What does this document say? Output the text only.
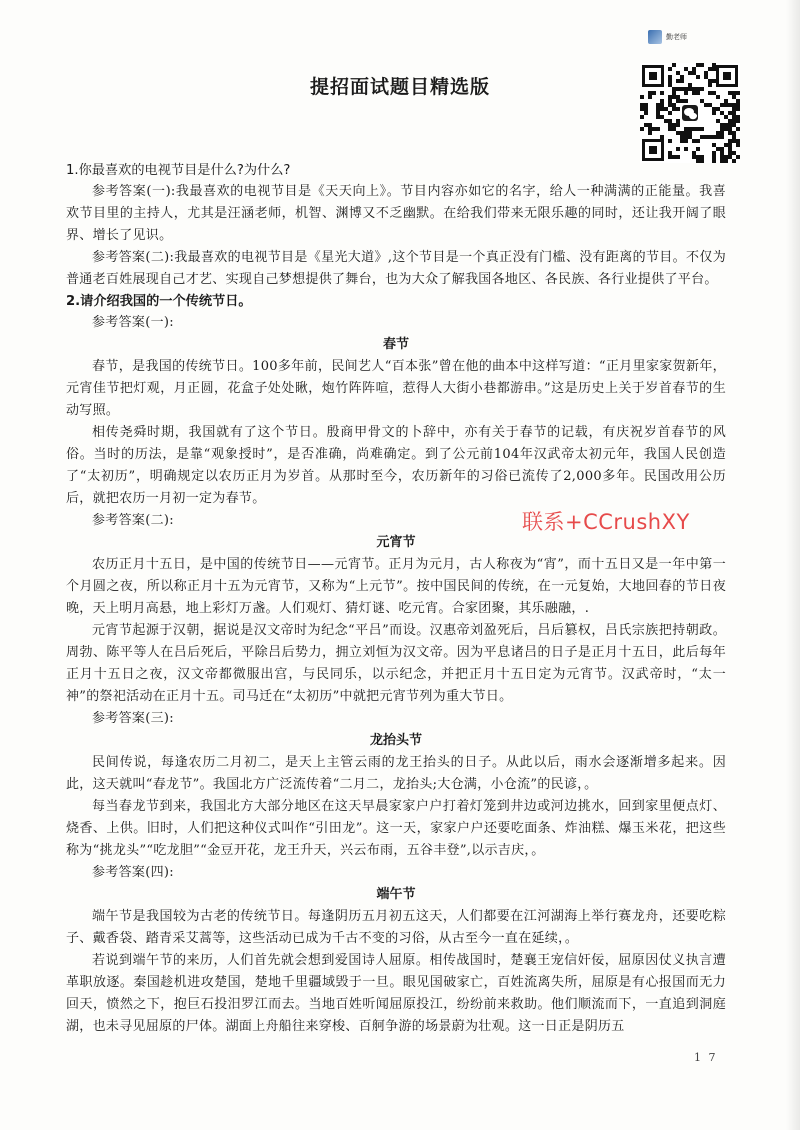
勤老师
提招面试题目精选版

1.你最喜欢的电视节目是什么?为什么?

参考答案(一):我最喜欢的电视节目是《天天向上》。节目内容亦如它的名字，给人一种满满的正能量。我喜欢节目里的主持人，尤其是汪涵老师，机智、渊博又不乏幽默。在给我们带来无限乐趣的同时，还让我开阔了眼界、增长了见识。

参考答案(二):我最喜欢的电视节目是《星光大道》,这个节目是一个真正没有门槛、没有距离的节目。不仅为普通老百姓展现自己才艺、实现自己梦想提供了舞台，也为大众了解我国各地区、各民族、各行业提供了平台。

2.请介绍我国的一个传统节日。

参考答案(一):

春节

春节，是我国的传统节日。100多年前，民间艺人“百本张”曾在他的曲本中这样写道：“正月里家家贺新年，元宵佳节把灯观，月正圆，花盒子处处瞅，炮竹阵阵喧，惹得人大街小巷都游串。”这是历史上关于岁首春节的生动写照。

相传尧舜时期，我国就有了这个节日。殷商甲骨文的卜辞中，亦有关于春节的记载，有庆祝岁首春节的风俗。当时的历法，是靠“观象授时”，是否准确，尚难确定。到了公元前104年汉武帝太初元年，我国人民创造了“太初历”，明确规定以农历正月为岁首。从那时至今，农历新年的习俗已流传了2,000多年。民国改用公历后，就把农历一月初一定为春节。

参考答案(二):

元宵节

农历正月十五日，是中国的传统节日——元宵节。正月为元月，古人称夜为“宵”，而十五日又是一年中第一个月圆之夜，所以称正月十五为元宵节，又称为“上元节”。按中国民间的传统，在一元复始，大地回春的节日夜晚，天上明月高悬，地上彩灯万盏。人们观灯、猜灯谜、吃元宵。合家团聚，其乐融融，.

元宵节起源于汉朝，据说是汉文帝时为纪念“平吕”而设。汉惠帝刘盈死后，吕后篡权，吕氏宗族把持朝政。周勃、陈平等人在吕后死后，平除吕后势力，拥立刘恒为汉文帝。因为平息诸吕的日子是正月十五日，此后每年正月十五日之夜，汉文帝都微服出宫，与民同乐，以示纪念，并把正月十五日定为元宵节。汉武帝时，“太一神”的祭祀活动在正月十五。司马迁在“太初历”中就把元宵节列为重大节日。

参考答案(三):

龙抬头节

民间传说，每逢农历二月初二，是天上主管云雨的龙王抬头的日子。从此以后，雨水会逐渐增多起来。因此，这天就叫“春龙节”。我国北方广泛流传着“二月二，龙抬头;大仓满，小仓流”的民谚，。

每当春龙节到来，我国北方大部分地区在这天早晨家家户户打着灯笼到井边或河边挑水，回到家里便点灯、烧香、上供。旧时，人们把这种仪式叫作“引田龙”。这一天，家家户户还要吃面条、炸油糕、爆玉米花，把这些称为“挑龙头”“吃龙胆”“金豆开花，龙王升天，兴云布雨，五谷丰登”,以示吉庆，。

参考答案(四):

端午节

端午节是我国较为古老的传统节日。每逢阴历五月初五这天，人们都要在江河湖海上举行赛龙舟，还要吃粽子、戴香袋、踏青采艾蒿等，这些活动已成为千古不变的习俗，从古至今一直在延续，。

若说到端午节的来历，人们首先就会想到爱国诗人屈原。相传战国时，楚襄王宠信奸佞，屈原因仗义执言遭革职放逐。秦国趁机进攻楚国，楚地千里疆域毁于一旦。眼见国破家亡，百姓流离失所，屈原是有心报国而无力回天，愤然之下，抱巨石投汨罗江而去。当地百姓听闻屈原投江，纷纷前来救助。他们顺流而下，一直追到洞庭湖，也未寻见屈原的尸体。湖面上舟船往来穿梭、百舸争游的场景蔚为壮观。这一日正是阴历五

联系+CCrushXY
1 7
